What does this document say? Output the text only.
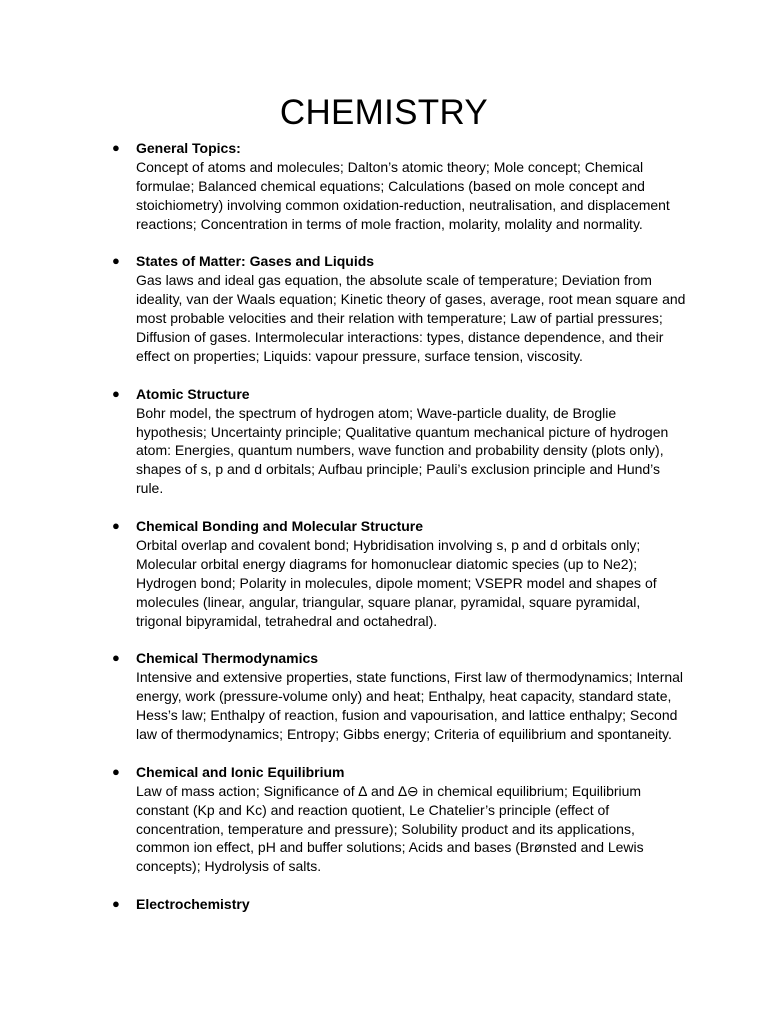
CHEMISTRY
● General Topics:
Concept of atoms and molecules; Dalton’s atomic theory; Mole concept; Chemical formulae; Balanced chemical equations; Calculations (based on mole concept and stoichiometry) involving common oxidation-reduction, neutralisation, and displacement reactions; Concentration in terms of mole fraction, molarity, molality and normality.
● States of Matter: Gases and Liquids
Gas laws and ideal gas equation, the absolute scale of temperature; Deviation from ideality, van der Waals equation; Kinetic theory of gases, average, root mean square and most probable velocities and their relation with temperature; Law of partial pressures; Diffusion of gases. Intermolecular interactions: types, distance dependence, and their effect on properties; Liquids: vapour pressure, surface tension, viscosity.
● Atomic Structure
Bohr model, the spectrum of hydrogen atom; Wave-particle duality, de Broglie hypothesis; Uncertainty principle; Qualitative quantum mechanical picture of hydrogen atom: Energies, quantum numbers, wave function and probability density (plots only), shapes of s, p and d orbitals; Aufbau principle; Pauli’s exclusion principle and Hund’s rule.
● Chemical Bonding and Molecular Structure
Orbital overlap and covalent bond; Hybridisation involving s, p and d orbitals only; Molecular orbital energy diagrams for homonuclear diatomic species (up to Ne2); Hydrogen bond; Polarity in molecules, dipole moment; VSEPR model and shapes of molecules (linear, angular, triangular, square planar, pyramidal, square pyramidal, trigonal bipyramidal, tetrahedral and octahedral).
● Chemical Thermodynamics
Intensive and extensive properties, state functions, First law of thermodynamics; Internal energy, work (pressure-volume only) and heat; Enthalpy, heat capacity, standard state, Hess’s law; Enthalpy of reaction, fusion and vapourisation, and lattice enthalpy; Second law of thermodynamics; Entropy; Gibbs energy; Criteria of equilibrium and spontaneity.
● Chemical and Ionic Equilibrium
Law of mass action; Significance of ∆ and ∆⊖ in chemical equilibrium; Equilibrium constant (Kp and Kc) and reaction quotient, Le Chatelier’s principle (effect of concentration, temperature and pressure); Solubility product and its applications, common ion effect, pH and buffer solutions; Acids and bases (Brønsted and Lewis concepts); Hydrolysis of salts.
● Electrochemistry
